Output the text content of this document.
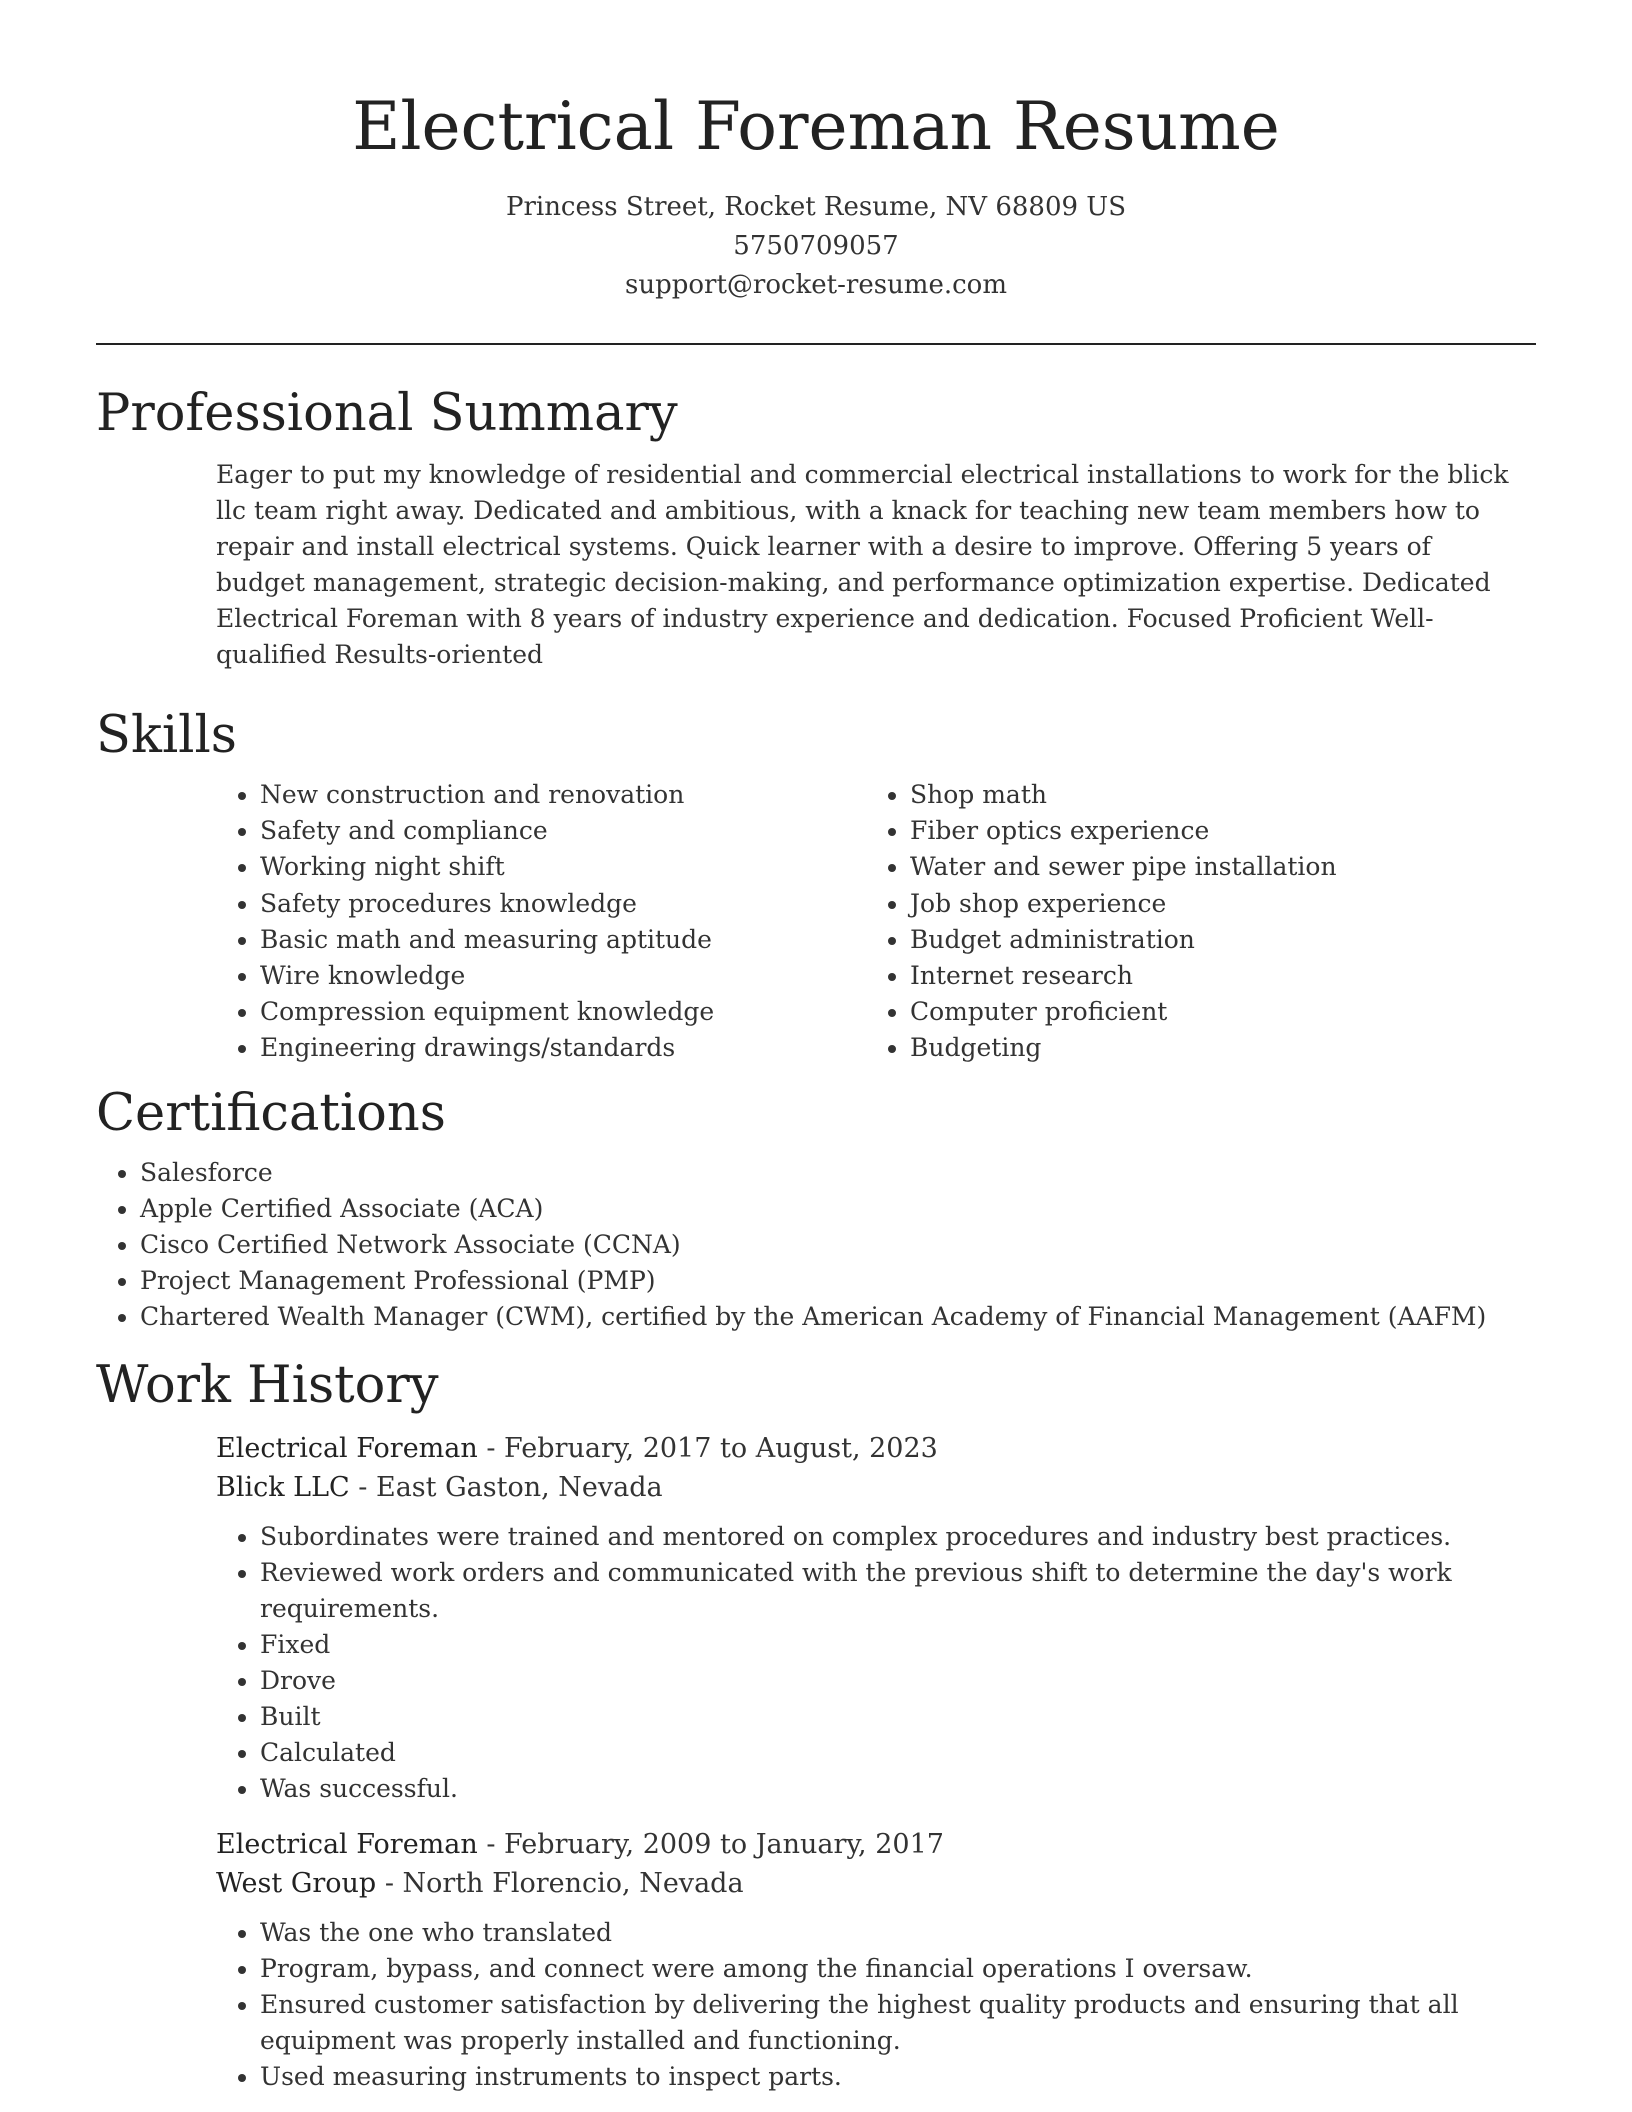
Electrical Foreman Resume
Princess Street, Rocket Resume, NV 68809 US
5750709057
support@rocket-resume.com
Professional Summary

Eager to put my knowledge of residential and commercial electrical installations to work for the blick llc team right away. Dedicated and ambitious, with a knack for teaching new team members how to repair and install electrical systems. Quick learner with a desire to improve. Offering 5 years of budget management, strategic decision-making, and performance optimization expertise. Dedicated Electrical Foreman with 8 years of industry experience and dedication. Focused Proficient Well-qualified Results-oriented

Skills
• New construction and renovation
• Safety and compliance
• Working night shift
• Safety procedures knowledge
• Basic math and measuring aptitude
• Wire knowledge
• Compression equipment knowledge
• Engineering drawings/standards
• Shop math
• Fiber optics experience
• Water and sewer pipe installation
• Job shop experience
• Budget administration
• Internet research
• Computer proficient
• Budgeting
Certifications
• Salesforce
• Apple Certified Associate (ACA)
• Cisco Certified Network Associate (CCNA)
• Project Management Professional (PMP)
• Chartered Wealth Manager (CWM), certified by the American Academy of Financial Management (AAFM)
Work History
Electrical Foreman - February, 2017 to August, 2023
Blick LLC - East Gaston, Nevada
• Subordinates were trained and mentored on complex procedures and industry best practices.
• Reviewed work orders and communicated with the previous shift to determine the day's work requirements.
• Fixed
• Drove
• Built
• Calculated
• Was successful.
Electrical Foreman - February, 2009 to January, 2017
West Group - North Florencio, Nevada
• Was the one who translated
• Program, bypass, and connect were among the financial operations I oversaw.
• Ensured customer satisfaction by delivering the highest quality products and ensuring that all equipment was properly installed and functioning.
• Used measuring instruments to inspect parts.
